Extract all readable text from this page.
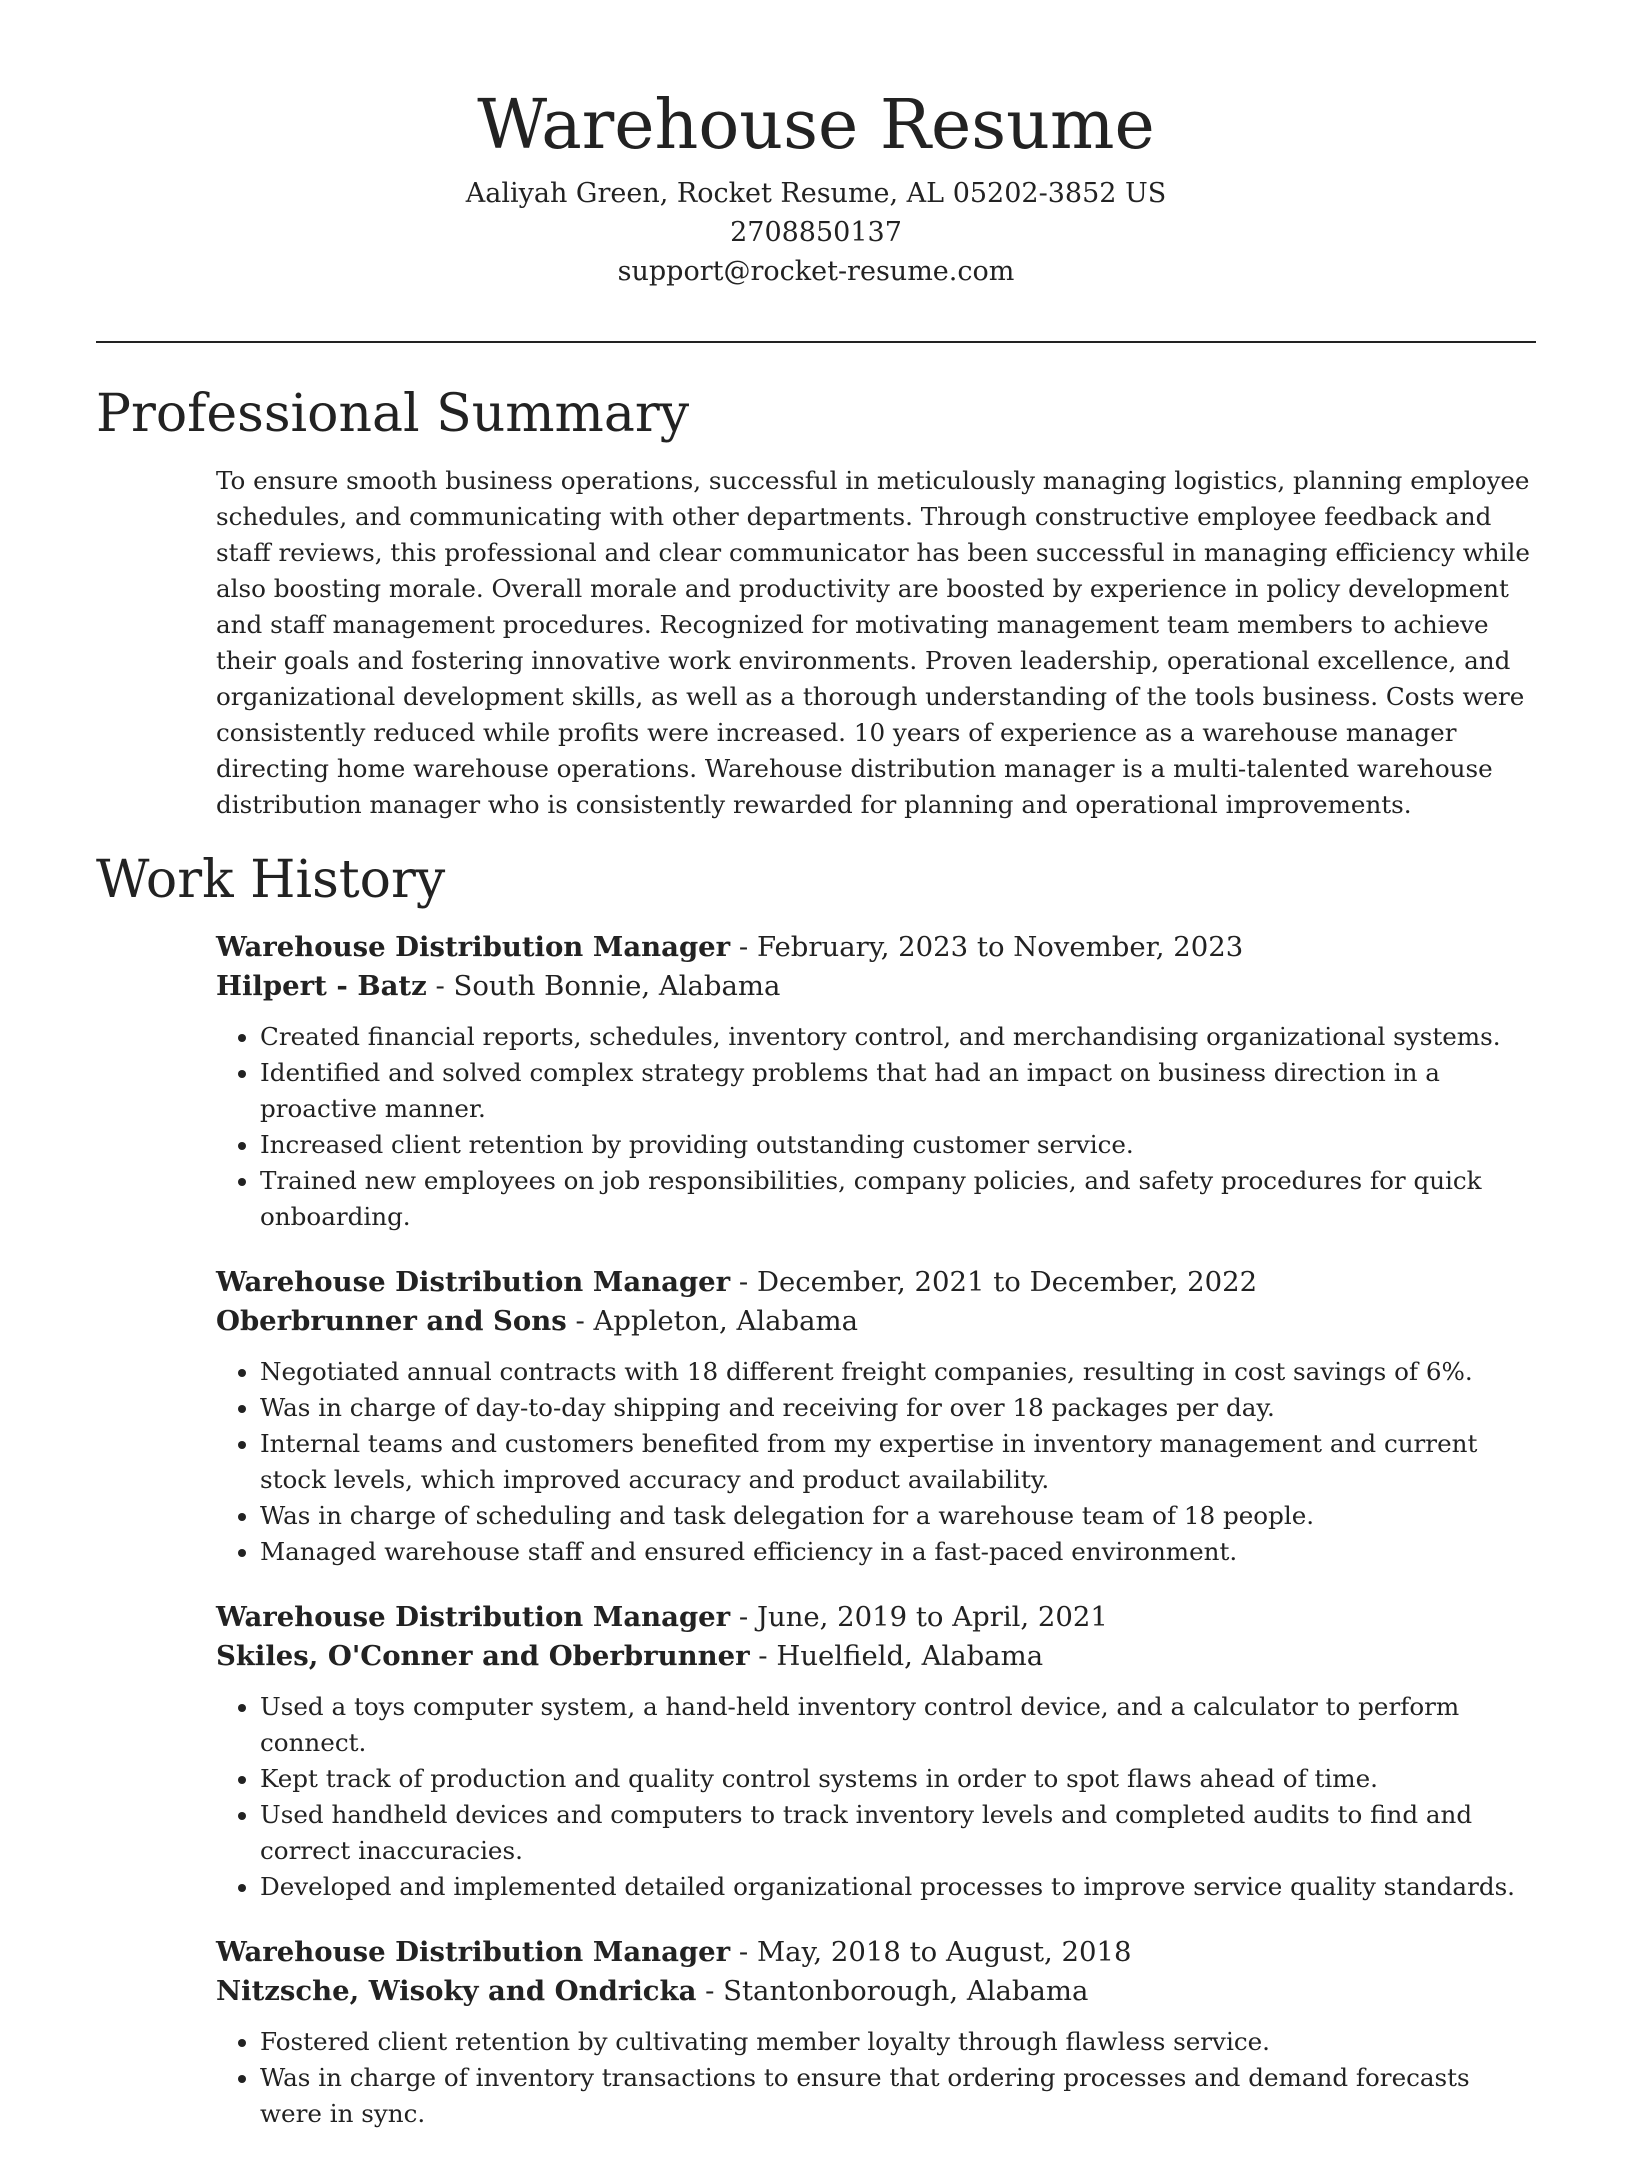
Warehouse Resume

Aaliyah Green, Rocket Resume, AL 05202-3852 US

2708850137

support@rocket-resume.com

Professional Summary

To ensure smooth business operations, successful in meticulously managing logistics, planning employee schedules, and communicating with other departments. Through constructive employee feedback and staff reviews, this professional and clear communicator has been successful in managing efficiency while also boosting morale. Overall morale and productivity are boosted by experience in policy development and staff management procedures. Recognized for motivating management team members to achieve their goals and fostering innovative work environments. Proven leadership, operational excellence, and organizational development skills, as well as a thorough understanding of the tools business. Costs were consistently reduced while profits were increased. 10 years of experience as a warehouse manager directing home warehouse operations. Warehouse distribution manager is a multi-talented warehouse distribution manager who is consistently rewarded for planning and operational improvements.

Work History

Warehouse Distribution Manager - February, 2023 to November, 2023

Hilpert - Batz - South Bonnie, Alabama

• Created financial reports, schedules, inventory control, and merchandising organizational systems.
• Identified and solved complex strategy problems that had an impact on business direction in a proactive manner.
• Increased client retention by providing outstanding customer service.
• Trained new employees on job responsibilities, company policies, and safety procedures for quick onboarding.

Warehouse Distribution Manager - December, 2021 to December, 2022

Oberbrunner and Sons - Appleton, Alabama

• Negotiated annual contracts with 18 different freight companies, resulting in cost savings of 6%.
• Was in charge of day-to-day shipping and receiving for over 18 packages per day.
• Internal teams and customers benefited from my expertise in inventory management and current stock levels, which improved accuracy and product availability.
• Was in charge of scheduling and task delegation for a warehouse team of 18 people.
• Managed warehouse staff and ensured efficiency in a fast-paced environment.

Warehouse Distribution Manager - June, 2019 to April, 2021

Skiles, O'Conner and Oberbrunner - Huelfield, Alabama

• Used a toys computer system, a hand-held inventory control device, and a calculator to perform connect.
• Kept track of production and quality control systems in order to spot flaws ahead of time.
• Used handheld devices and computers to track inventory levels and completed audits to find and correct inaccuracies.
• Developed and implemented detailed organizational processes to improve service quality standards.

Warehouse Distribution Manager - May, 2018 to August, 2018

Nitzsche, Wisoky and Ondricka - Stantonborough, Alabama

• Fostered client retention by cultivating member loyalty through flawless service.
• Was in charge of inventory transactions to ensure that ordering processes and demand forecasts were in sync.
